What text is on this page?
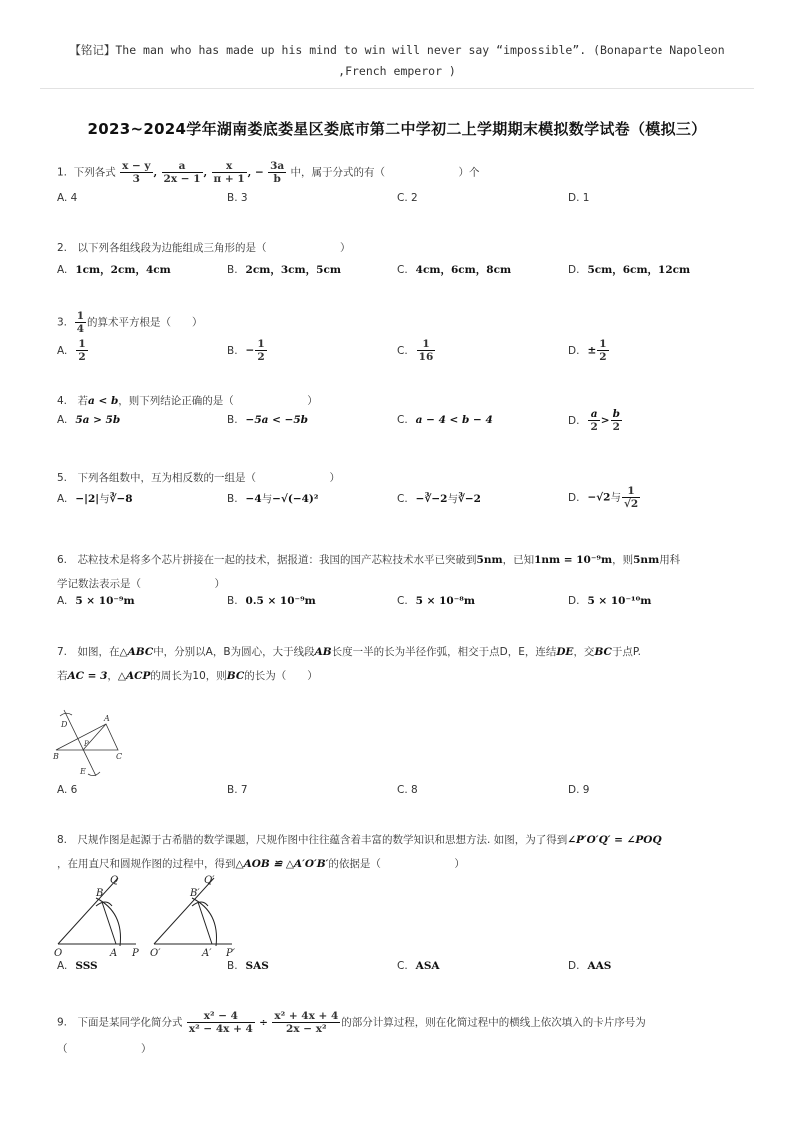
【铭记】The man who has made up his mind to win will never say “impossible”. (Bonaparte Napoleon
,French emperor )
2023~2024学年湖南娄底娄星区娄底市第二中学初二上学期期末模拟数学试卷（模拟三）
1. 下列各式 $\frac{x - y}{3}$ , $\frac{a}{2x - 1}$ , $\frac{x}{\pi + 1}$ , − $\frac{3a}{b}$ 中，属于分式的有（　　　　　　　）个
A. 4	B. 3	C. 2	D. 1
2.　以下列各组线段为边能组成三角形的是（　　　　　　　）
A. 1cm，2cm，4cm	B. 2cm，3cm，5cm	C. 4cm，6cm，8cm	D. 5cm，6cm，12cm
3. $\frac{1}{4}$ 的算术平方根是（　　）
A. $\frac{1}{2}$	B. − $\frac{1}{2}$	C. $\frac{1}{16}$	D. ± $\frac{1}{2}$
4.　若a < b，则下列结论正确的是（　　　　　　　）
A. 5a > 5b	B. −5a < −5b	C. a − 4 < b − 4	D. $\frac{a}{2} > \frac{b}{2}$
5.　下列各组数中，互为相反数的一组是（　　　　　　　）
A. −|2|与∛−8	B. −4与−√(−4)²	C. −∛−2与∛−2	D. −√2与 $\frac{1}{√2}$
6.　芯粒技术是将多个芯片拼接在一起的技术，据报道：我国的国产芯粒技术水平已突破到5nm，已知1nm = 10⁻⁹m，则5nm用科
学记数法表示是（　　　　　　　）
A. 5 × 10⁻⁹m	B. 0.5 × 10⁻⁹m	C. 5 × 10⁻⁸m	D. 5 × 10⁻¹⁰m
7.　如图，在△ABC中，分别以A，B为圆心，大于线段AB长度一半的长为半径作弧，相交于点D，E，连结DE，交BC于点P.
若AC = 3，△ACP的周长为10，则BC的长为（　　）
D
A
P
B	C
E
A. 6	B. 7	C. 8	D. 9
8.　尺规作图是起源于古希腊的数学课题，尺规作图中往往蕴含着丰富的数学知识和思想方法. 如图，为了得到∠P′O′Q′ = ∠POQ
，在用直尺和圆规作图的过程中，得到△AOB ≌ △A′O′B′的依据是（　　　　　　　）
Q
B
O	A P
Q′
B′
O′	A′ P′
A. SSS	B. SAS	C. ASA	D. AAS
9.　下面是某同学化简分式 $\frac{\text{x² − 4}}{\text{x² − 4x + 4}} \div \frac{\text{x² + 4x + 4}}{\text{2x − x²}}$ 的部分计算过程，则在化简过程中的横线上依次填入的卡片序号为
（　　　　　　　）
